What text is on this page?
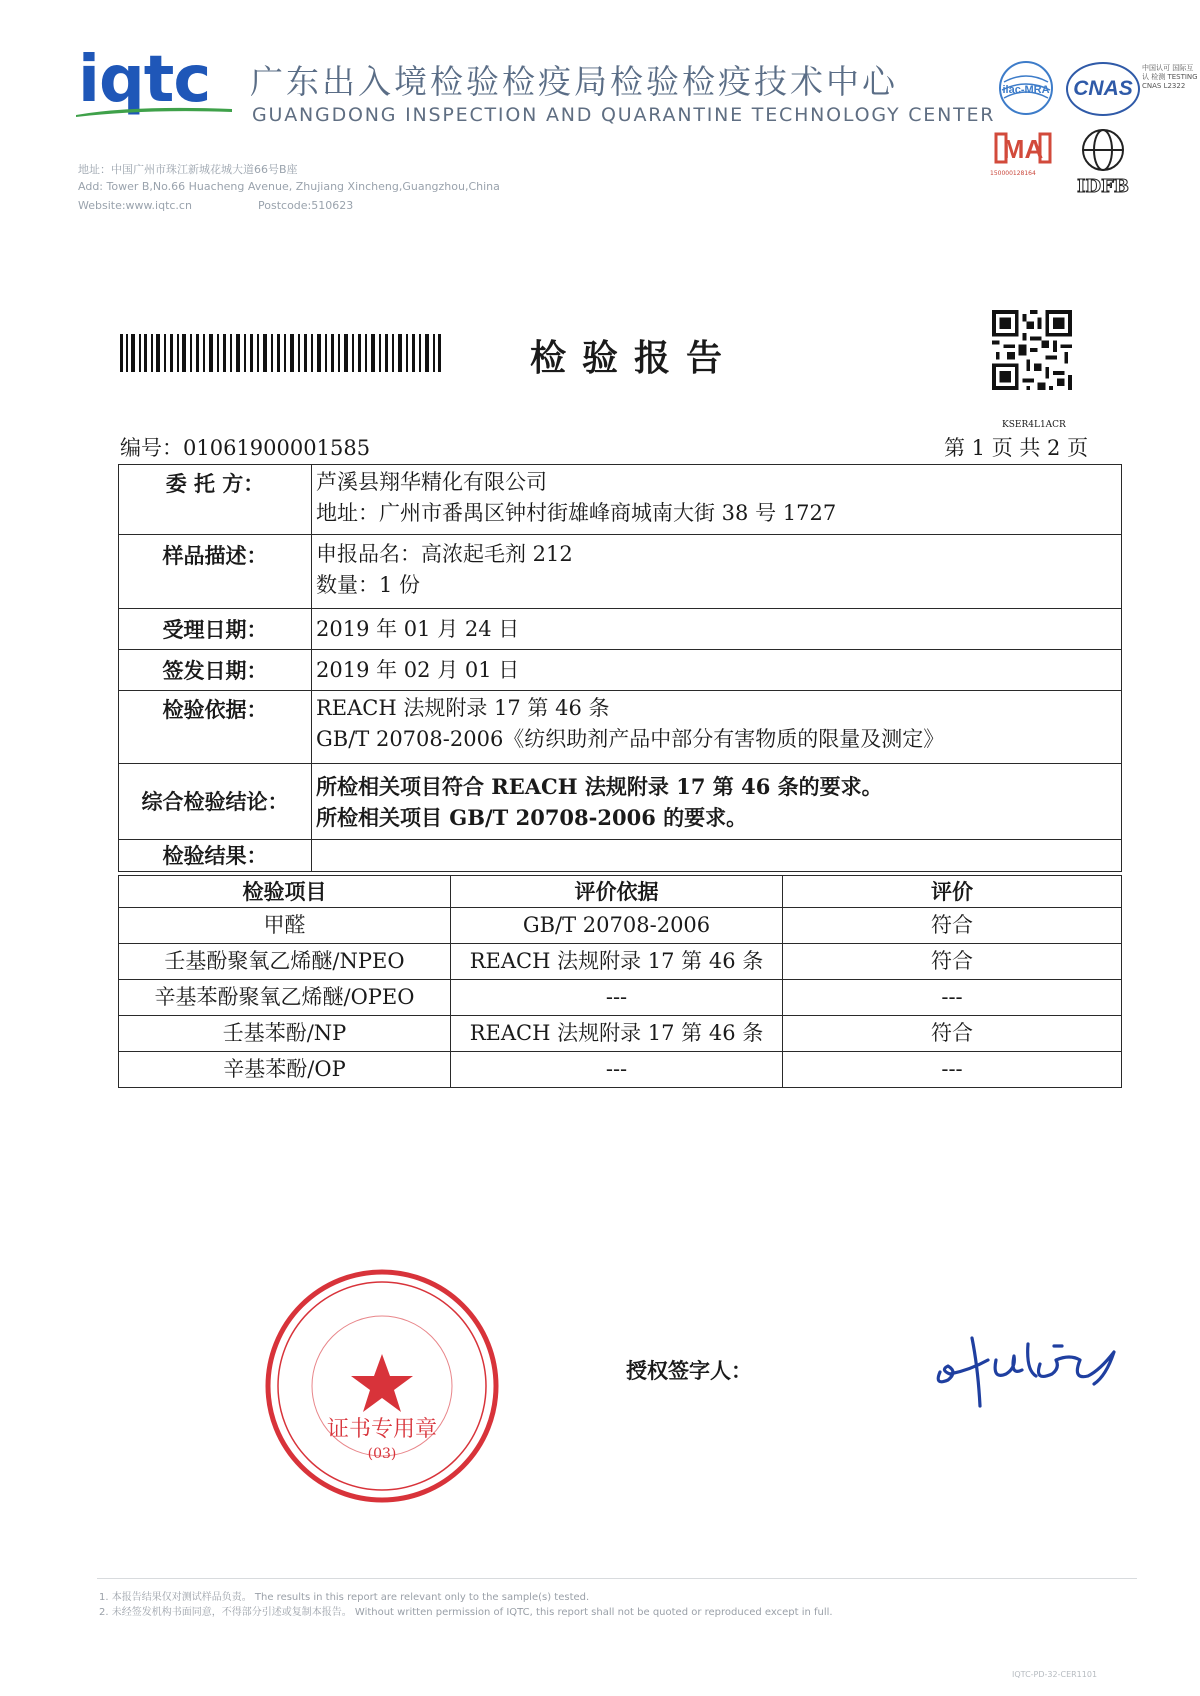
iqtc 广东出入境检验检疫局检验检疫技术中心
GUANGDONG INSPECTION AND QUARANTINE TECHNOLOGY CENTER
地址：中国广州市珠江新城花城大道66号B座
Add: Tower B,No.66 Huacheng Avenue, Zhujiang Xincheng,Guangzhou,China
Website:www.iqtc.cn	Postcode:510623
ilac-MRA	CNAS
中国认可 国际互认 检测 TESTING CNAS L2322
MA
150000128164
IDFB
检验报告
KSER4L1ACR
编号：01061900001585	第 1 页 共 2 页
委 托 方：	芦溪县翔华精化有限公司
地址：广州市番禺区钟村街雄峰商城南大街 38 号 1727

样品描述：	申报品名：高浓起毛剂 212
数量：1 份

受理日期：	2019 年 01 月 24 日
签发日期：	2019 年 02 月 01 日
检验依据：	REACH 法规附录 17 第 46 条
GB/T 20708-2006《纺织助剂产品中部分有害物质的限量及测定》

综合检验结论：	所检相关项目符合 REACH 法规附录 17 第 46 条的要求。
所检相关项目 GB/T 20708-2006 的要求。

检验结果：	
检验项目	评价依据	评价
甲醛	GB/T 20708-2006	符合
壬基酚聚氧乙烯醚/NPEO	REACH 法规附录 17 第 46 条	符合
辛基苯酚聚氧乙烯醚/OPEO	---	---
壬基苯酚/NP	REACH 法规附录 17 第 46 条	符合
辛基苯酚/OP	---	---
证书专用章
(03)
授权签字人：
1. 本报告结果仅对测试样品负责。 The results in this report are relevant only to the sample(s) tested.
2. 未经签发机构书面同意，不得部分引述或复制本报告。 Without written permission of IQTC, this report shall not be quoted or reproduced except in full.
IQTC-PD-32-CER1101
